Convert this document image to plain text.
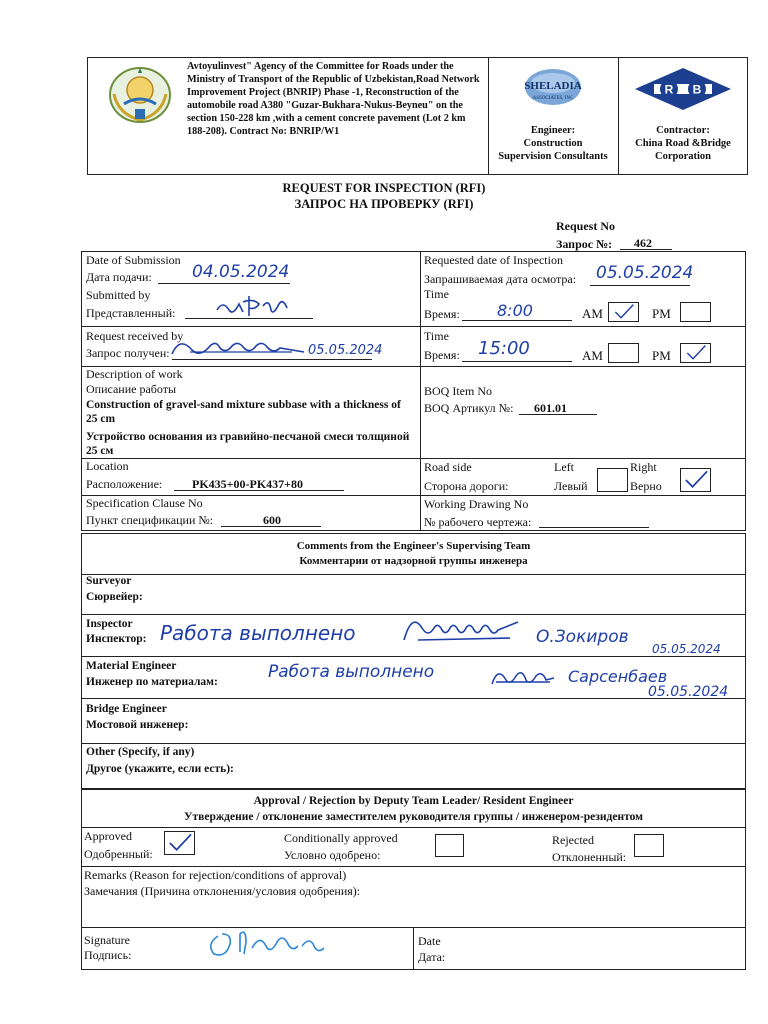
Avtoyulinvest" Agency of the Committee for Roads under the Ministry of Transport of the Republic of Uzbekistan,Road Network Improvement Project (BNRIP) Phase -1, Reconstruction of the automobile road A380 "Guzar-Bukhara-Nukus-Beyneu" on the section 150-228 km ,with a cement concrete pavement (Lot 2 km 188-208). Contract No: BNRIP/W1
SHELADIA
ASSOCIATES, INC
Engineer:
Construction
Supervision Consultants
R B
Contractor:
China Road &Bridge
Corporation
REQUEST FOR INSPECTION (RFI)
ЗАПРОС НА ПРОВЕРКУ (RFI)
Request No
Запрос №: 462
Date of Submission
Дата подачи: 04.05.2024
Submitted by
Представленный:
Requested date of Inspection
Запрашиваемая дата осмотра: 05.05.2024
Time
Время: 8:00	AM	PM
Request received by
Запрос получен:	05.05.2024
Time
Время: 15:00	AM	PM
Description of work
Описание работы
Construction of gravel-sand mixture subbase with a thickness of 25 cm
Устройство основания из гравийно-песчаной смеси толщиной 25 см
BOQ Item No
BOQ Артикул №: 601.01
Location
Расположение: PK435+00-PK437+80
Road side
Сторона дороги:
Left
Левый
Right
Верно
Specification Clause No
Пункт спецификации №:	600
Working Drawing No
№ рабочего чертежа:
Comments from the Engineer's Supervising Team
Комментарии от надзорной группы инженера
Surveyor
Сюрвейер:
Inspector
Инспектор: Работа выполнено	О.Зокиров
05.05.2024
Material Engineer
Инженер по материалам:	Работа выполнено	Сарсенбаев
05.05.2024
Bridge Engineer
Мостовой инженер:
Other (Specify, if any)
Другое (укажите, если есть):
Approval / Rejection by Deputy Team Leader/ Resident Engineer
Утверждение / отклонение заместителем руководителя группы / инженером-резидентом
Approved
Одобренный:
Conditionally approved
Условно одобрено:
Rejected
Отклоненный:
Remarks (Reason for rejection/conditions of approval)
Замечания (Причина отклонения/условия одобрения):
Signature
Подпись:
Date
Дата:
